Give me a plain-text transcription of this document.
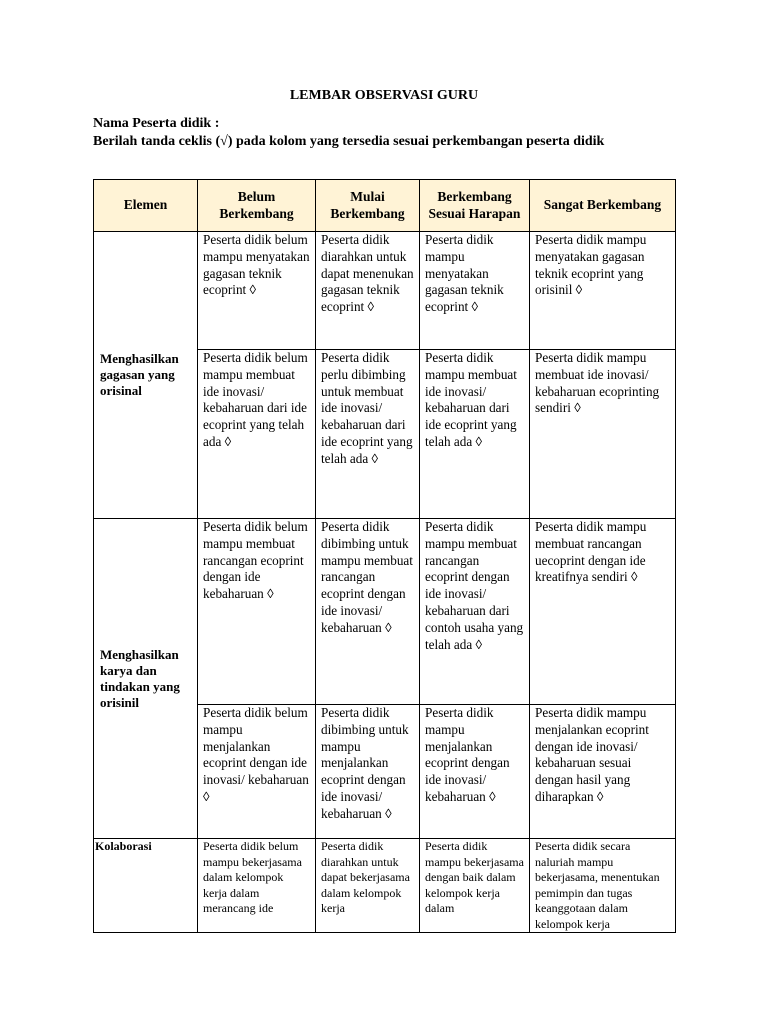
LEMBAR OBSERVASI GURU
Nama Peserta didik :
Berilah tanda ceklis (√) pada kolom yang tersedia sesuai perkembangan peserta didik
Elemen	Belum Berkembang	Mulai Berkembang	Berkembang Sesuai Harapan	Sangat Berkembang
Menghasilkan gagasan yang orisinal	Peserta didik belum mampu menyatakan gagasan teknik ecoprint ◊	Peserta didik diarahkan untuk dapat menenukan gagasan teknik ecoprint ◊	Peserta didik mampu menyatakan gagasan teknik ecoprint ◊	Peserta didik mampu menyatakan gagasan teknik ecoprint yang orisinil ◊
	Peserta didik belum mampu membuat ide inovasi/ kebaharuan dari ide ecoprint yang telah ada ◊	Peserta didik perlu dibimbing untuk membuat ide inovasi/ kebaharuan dari ide ecoprint yang telah ada ◊	Peserta didik mampu membuat ide inovasi/ kebaharuan dari ide ecoprint yang telah ada ◊	Peserta didik mampu membuat ide inovasi/ kebaharuan ecoprinting sendiri ◊
Menghasilkan karya dan tindakan yang orisinil	Peserta didik belum mampu membuat rancangan ecoprint dengan ide kebaharuan ◊	Peserta didik dibimbing untuk mampu membuat rancangan ecoprint dengan ide inovasi/ kebaharuan ◊	Peserta didik mampu membuat rancangan ecoprint dengan ide inovasi/ kebaharuan dari contoh usaha yang telah ada ◊	Peserta didik mampu membuat rancangan uecoprint dengan ide kreatifnya sendiri ◊
	Peserta didik belum mampu menjalankan ecoprint dengan ide inovasi/ kebaharuan ◊	Peserta didik dibimbing untuk mampu menjalankan ecoprint dengan ide inovasi/ kebaharuan ◊	Peserta didik mampu menjalankan ecoprint dengan ide inovasi/ kebaharuan ◊	Peserta didik mampu menjalankan ecoprint dengan ide inovasi/ kebaharuan sesuai dengan hasil yang diharapkan ◊
Kolaborasi	Peserta didik belum mampu bekerjasama dalam kelompok kerja dalam merancang ide	Peserta didik diarahkan untuk dapat bekerjasama dalam kelompok kerja	Peserta didik mampu bekerjasama dengan baik dalam kelompok kerja dalam	Peserta didik secara naluriah mampu bekerjasama, menentukan pemimpin dan tugas keanggotaan dalam kelompok kerja
